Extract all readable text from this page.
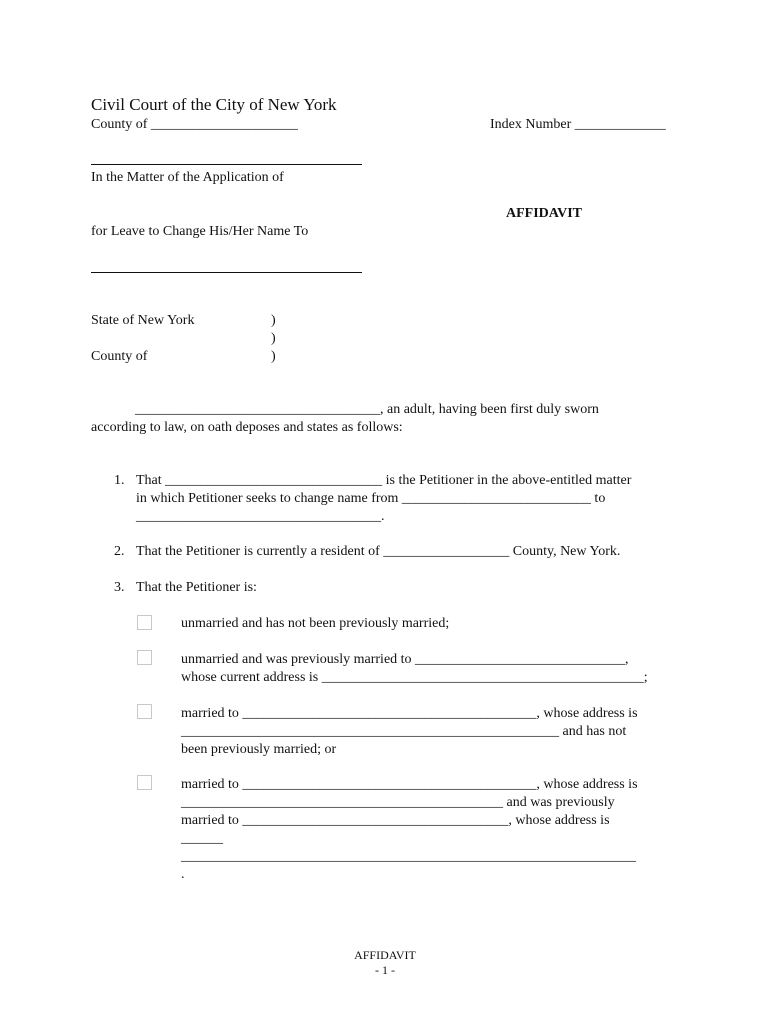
Civil Court of the City of New York
County of _____________________	Index Number _____________
In the Matter of the Application of
AFFIDAVIT
for Leave to Change His/Her Name To
State of New York
County of
)
)
)
___________________________________, an adult, having been first duly sworn
according to law, on oath deposes and states as follows:
1. That _______________________________ is the Petitioner in the above-entitled matter
in which Petitioner seeks to change name from ___________________________ to
___________________________________.
2. That the Petitioner is currently a resident of __________________ County, New York.
3. That the Petitioner is:
unmarried and has not been previously married;
unmarried and was previously married to ______________________________,
whose current address is ______________________________________________;
married to __________________________________________, whose address is
______________________________________________________ and has not
been previously married; or
married to __________________________________________, whose address is
______________________________________________ and was previously
married to ______________________________________, whose address is
______
_________________________________________________________________
.
AFFIDAVIT
- 1 -
